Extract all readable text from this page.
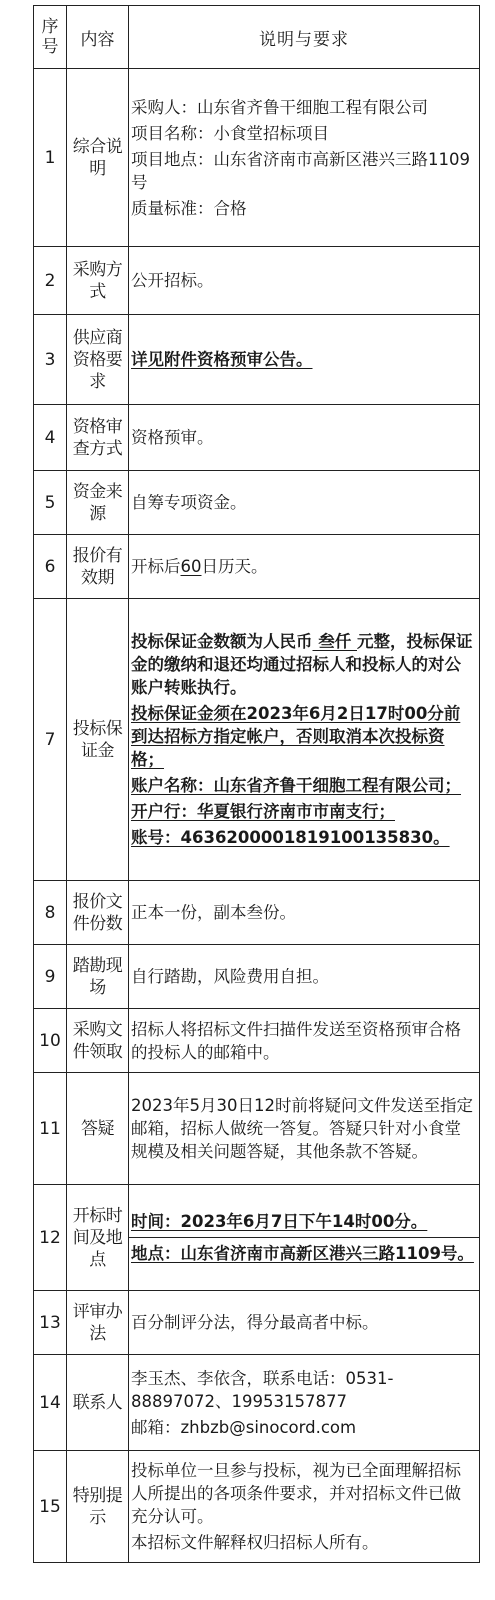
序号	内容	说明与要求
1	综合说明	采购人：山东省齐鲁干细胞工程有限公司

项目名称：小食堂招标项目

项目地点：山东省济南市高新区港兴三路1109号

质量标准：合格

2	采购方式	公开招标。
3	供应商资格要求	详见附件资格预审公告。
4	资格审查方式	资格预审。
5	资金来源	自筹专项资金。
6	报价有效期	开标后60日历天。
7	投标保证金	投标保证金数额为人民币 叁仟 元整，投标保证金的缴纳和退还均通过招标人和投标人的对公账户转账执行。

投标保证金须在2023年6月2日17时00分前到达招标方指定帐户，否则取消本次投标资格；

账户名称：山东省齐鲁干细胞工程有限公司；

开户行：华夏银行济南市市南支行；

账号：46362000018191001358​30。

8	报价文件份数	正本一份，副本叁份。
9	踏勘现场	自行踏勘，风险费用自担。
10	采购文件领取	招标人将招标文件扫描件发送至资格预审合格的投标人的邮箱中。
11	答疑	2023年5月30日12时前将疑问文件发送至指定邮箱，招标人做统一答复。答疑只针对小食堂规模及相关问题答疑，其他条款不答疑。
12	开标时间及地点	时间：2023年6月7日下午14时00分。
地点：山东省济南市高新区港兴三路1109号。

13	评审办法	百分制评分法，得分最高者中标。
14	联系人	李玉杰、李依含，联系电话：0531-88897072、19953157877

邮箱：zhbzb@sinocord.com

15	特别提示	投标单位一旦参与投标，视为已全面理解招标人所提出的各项条件要求，并对招标文件已做充分认可。

本招标文件解释权归招标人所有。
